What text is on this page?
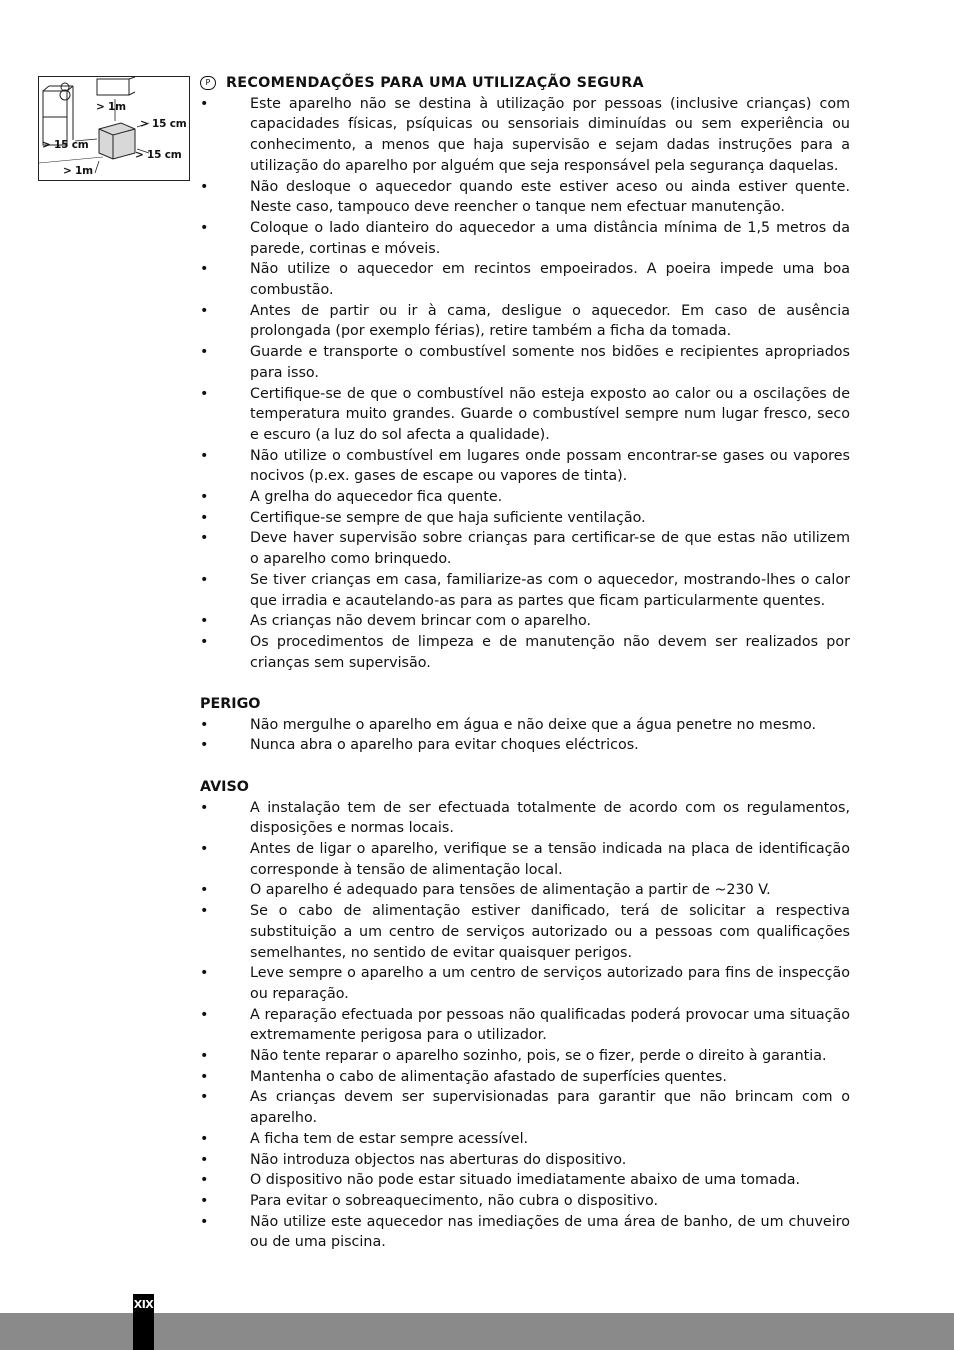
> 1m
> 15 cm
> 15 cm
> 15 cm
> 1m
P	RECOMENDAÇÕES PARA UMA UTILIZAÇÃO SEGURA
•	Este aparelho não se destina à utilização por pessoas (inclusive crianças) com capacidades físicas, psíquicas ou sensoriais diminuídas ou sem experiência ou conhecimento, a menos que haja supervisão e sejam dadas instruções para a utilização do aparelho por alguém que seja responsável pela segurança daquelas.
•	Não desloque o aquecedor quando este estiver aceso ou ainda estiver quente. Neste caso, tampouco deve reencher o tanque nem efectuar manutenção.
•	Coloque o lado dianteiro do aquecedor a uma distância mínima de 1,5 metros da parede, cortinas e móveis.
•	Não utilize o aquecedor em recintos empoeirados. A poeira impede uma boa combustão.
•	Antes de partir ou ir à cama, desligue o aquecedor. Em caso de ausência prolongada (por exemplo férias), retire também a ficha da tomada.
•	Guarde e transporte o combustível somente nos bidões e recipientes apropriados para isso.
•	Certifique-se de que o combustível não esteja exposto ao calor ou a oscilações de temperatura muito grandes. Guarde o combustível sempre num lugar fresco, seco e escuro (a luz do sol afecta a qualidade).
•	Não utilize o combustível em lugares onde possam encontrar-se gases ou vapores nocivos (p.ex. gases de escape ou vapores de tinta).
•	A grelha do aquecedor fica quente.
•	Certifique-se sempre de que haja suficiente ventilação.
•	Deve haver supervisão sobre crianças para certificar-se de que estas não utilizem o aparelho como brinquedo.
•	Se tiver crianças em casa, familiarize-as com o aquecedor, mostrando-lhes o calor que irradia e acautelando-as para as partes que ficam particularmente quentes.
•	As crianças não devem brincar com o aparelho.
•	Os procedimentos de limpeza e de manutenção não devem ser realizados por crianças sem supervisão.
PERIGO
•	Não mergulhe o aparelho em água e não deixe que a água penetre no mesmo.
•	Nunca abra o aparelho para evitar choques eléctricos.
AVISO
•	A instalação tem de ser efectuada totalmente de acordo com os regulamentos, disposições e normas locais.
•	Antes de ligar o aparelho, verifique se a tensão indicada na placa de identificação corresponde à tensão de alimentação local.
•	O aparelho é adequado para tensões de alimentação a partir de ~230 V.
•	Se o cabo de alimentação estiver danificado, terá de solicitar a respectiva substituição a um centro de serviços autorizado ou a pessoas com qualificações semelhantes, no sentido de evitar quaisquer perigos.
•	Leve sempre o aparelho a um centro de serviços autorizado para fins de inspecção ou reparação.
•	A reparação efectuada por pessoas não qualificadas poderá provocar uma situação extremamente perigosa para o utilizador.
•	Não tente reparar o aparelho sozinho, pois, se o fizer, perde o direito à garantia.
•	Mantenha o cabo de alimentação afastado de superfícies quentes.
•	As crianças devem ser supervisionadas para garantir que não brincam com o aparelho.
•	A ficha tem de estar sempre acessível.
•	Não introduza objectos nas aberturas do dispositivo.
•	O dispositivo não pode estar situado imediatamente abaixo de uma tomada.
•	Para evitar o sobreaquecimento, não cubra o dispositivo.
•	Não utilize este aquecedor nas imediações de uma área de banho, de um chuveiro ou de uma piscina.
XIX
